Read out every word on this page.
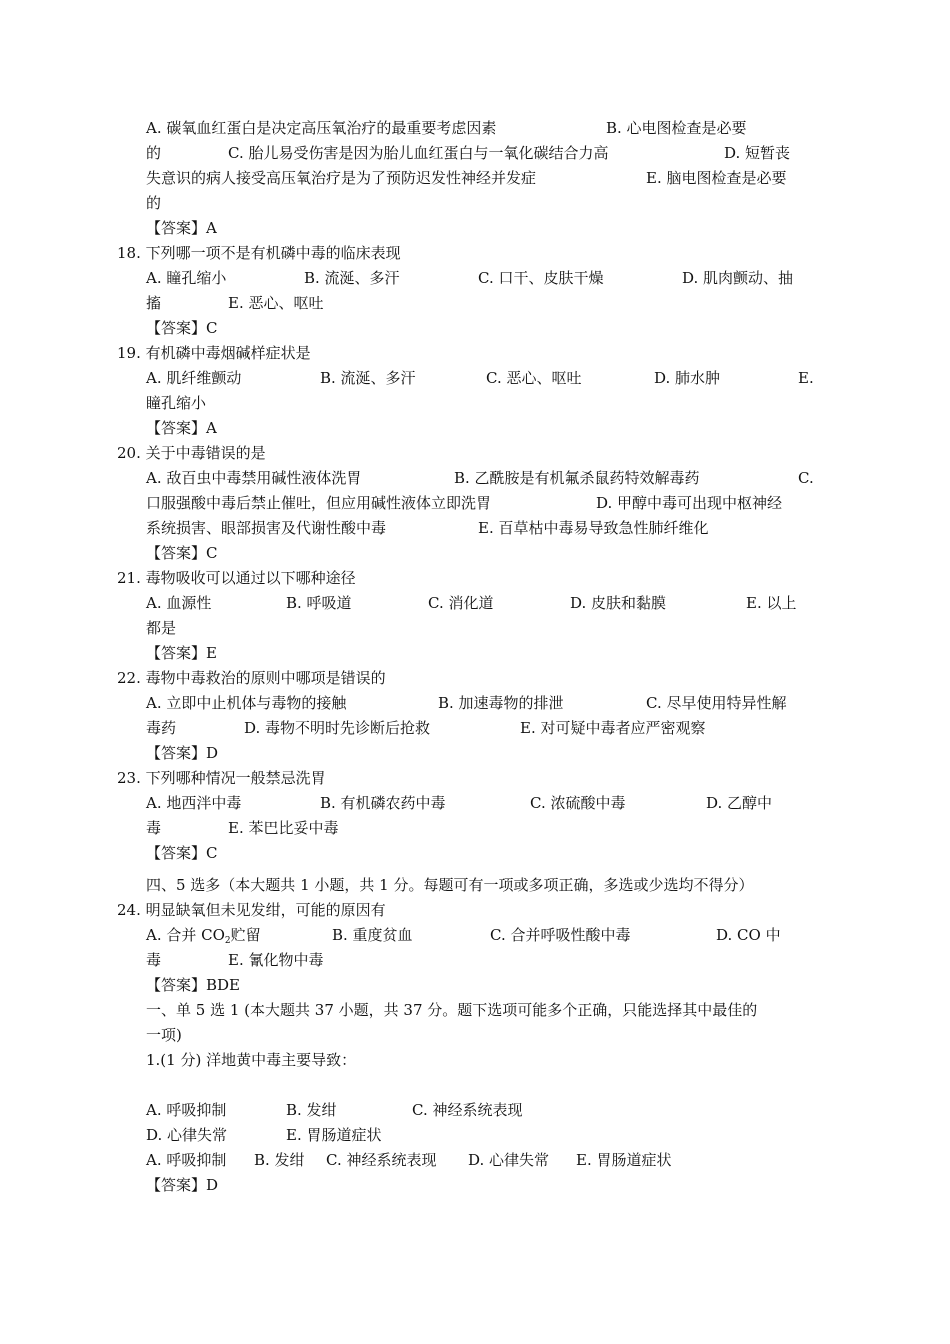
A. 碳氧血红蛋白是决定高压氧治疗的最重要考虑因素	B. 心电图检查是必要
的	C. 胎儿易受伤害是因为胎儿血红蛋白与一氧化碳结合力高	D. 短暂丧
失意识的病人接受高压氧治疗是为了预防迟发性神经并发症	E. 脑电图检查是必要
的
【答案】A
18. 下列哪一项不是有机磷中毒的临床表现
A. 瞳孔缩小	B. 流涎、多汗	C. 口干、皮肤干燥	D. 肌肉颤动、抽
搐	E. 恶心、呕吐
【答案】C
19. 有机磷中毒烟碱样症状是
A. 肌纤维颤动	B. 流涎、多汗	C. 恶心、呕吐	D. 肺水肿	E.
瞳孔缩小
【答案】A
20. 关于中毒错误的是
A. 敌百虫中毒禁用碱性液体洗胃	B. 乙酰胺是有机氟杀鼠药特效解毒药	C.
口服强酸中毒后禁止催吐，但应用碱性液体立即洗胃	D. 甲醇中毒可出现中枢神经
系统损害、眼部损害及代谢性酸中毒	E. 百草枯中毒易导致急性肺纤维化
【答案】C
21. 毒物吸收可以通过以下哪种途径
A. 血源性	B. 呼吸道	C. 消化道	D. 皮肤和黏膜	E. 以上
都是
【答案】E
22. 毒物中毒救治的原则中哪项是错误的
A. 立即中止机体与毒物的接触	B. 加速毒物的排泄	C. 尽早使用特异性解
毒药	D. 毒物不明时先诊断后抢救	E. 对可疑中毒者应严密观察
【答案】D
23. 下列哪种情况一般禁忌洗胃
A. 地西泮中毒	B. 有机磷农药中毒	C. 浓硫酸中毒	D. 乙醇中
毒	E. 苯巴比妥中毒
【答案】C
四、5 选多（本大题共 1 小题，共 1 分。每题可有一项或多项正确，多选或少选均不得分）
24. 明显缺氧但未见发绀，可能的原因有
A. 合并 $CO_2$贮留	B. 重度贫血	C. 合并呼吸性酸中毒	D. CO 中
毒	E. 氰化物中毒
【答案】BDE
一、单 5 选 1 (本大题共 37 小题，共 37 分。题下选项可能多个正确，只能选择其中最佳的
一项)
1.(1 分) 洋地黄中毒主要导致：
A. 呼吸抑制	B. 发绀	C. 神经系统表现
D. 心律失常	E. 胃肠道症状
A. 呼吸抑制 B. 发绀 C. 神经系统表现 D. 心律失常 E. 胃肠道症状
【答案】D
